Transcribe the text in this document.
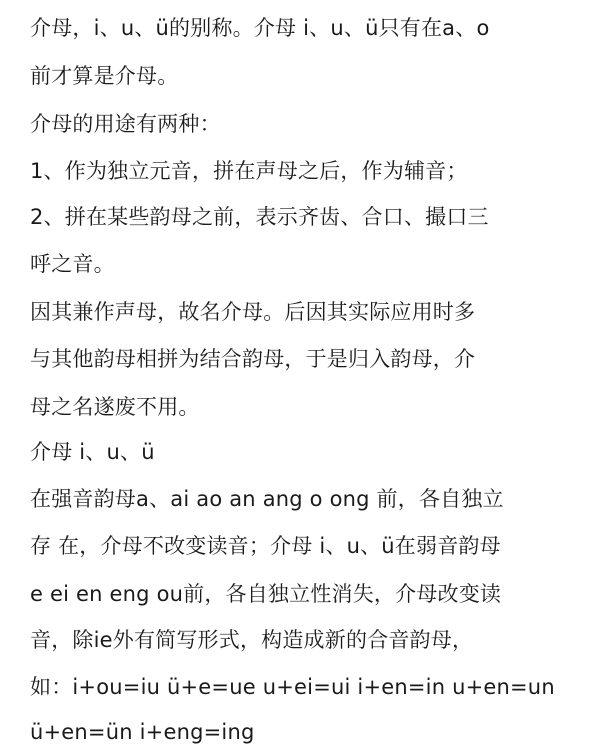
介母，i、u、ü的别称。介母 i、u、ü只有在a、o
前才算是介母。
介母的用途有两种：
1、作为独立元音，拼在声母之后，作为辅音；
2、拼在某些韵母之前，表示齐齿、合口、撮口三
呼之音。
因其兼作声母，故名介母。后因其实际应用时多
与其他韵母相拼为结合韵母，于是归入韵母，介
母之名遂废不用。
介母 i、u、ü
在强音韵母a、ai ao an ang o ong 前，各自独立
存 在，介母不改变读音；介母 i、u、ü在弱音韵母
e ei en eng ou前，各自独立性消失，介母改变读
音，除ie外有简写形式，构造成新的合音韵母，
如：i+ou=iu ü+e=ue u+ei=ui i+en=in u+en=un
ü+en=ün i+eng=ing
